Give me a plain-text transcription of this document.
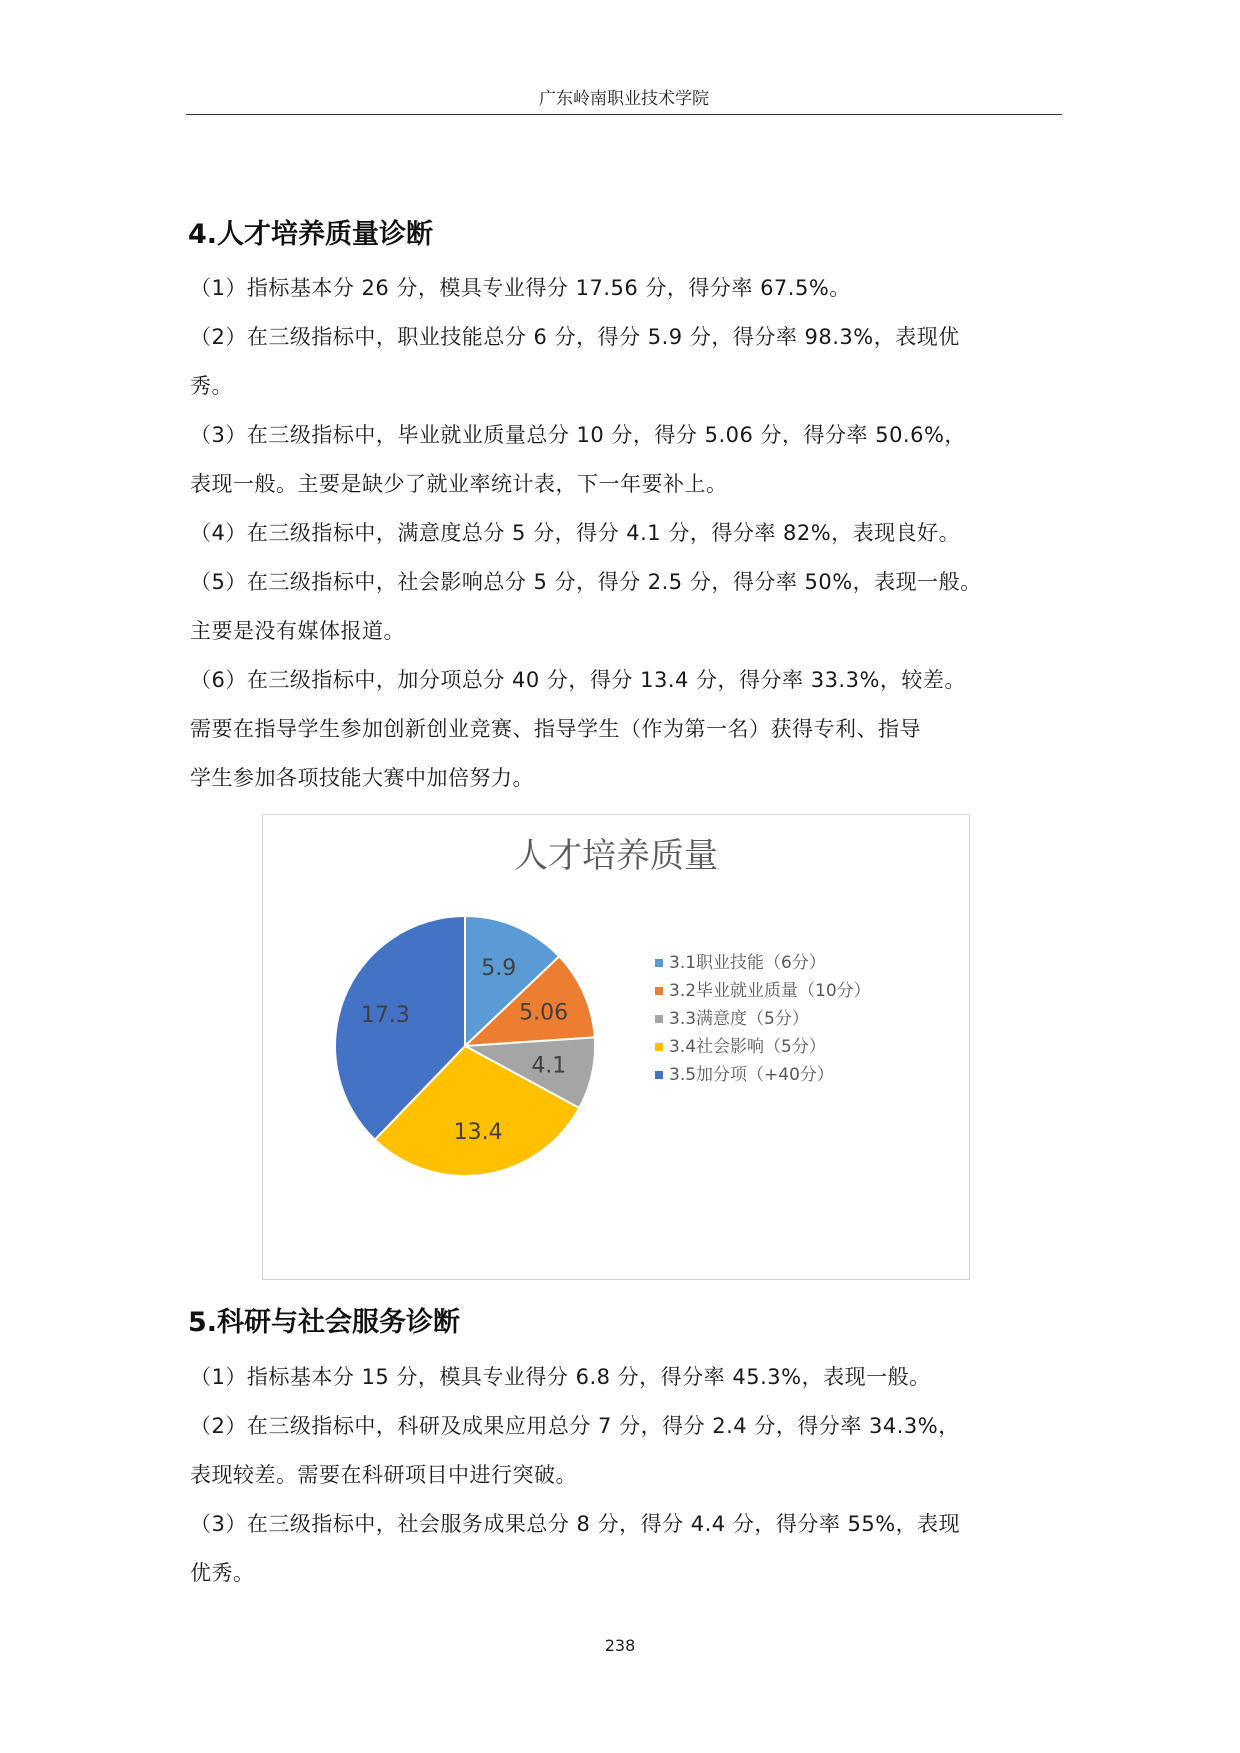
广东岭南职业技术学院
4.人才培养质量诊断
（1）指标基本分 26 分，模具专业得分 17.56 分，得分率 67.5%。
（2）在三级指标中，职业技能总分 6 分，得分 5.9 分，得分率 98.3%，表现优
秀。
（3）在三级指标中，毕业就业质量总分 10 分，得分 5.06 分，得分率 50.6%，
表现一般。主要是缺少了就业率统计表，下一年要补上。
（4）在三级指标中，满意度总分 5 分，得分 4.1 分，得分率 82%，表现良好。
（5）在三级指标中，社会影响总分 5 分，得分 2.5 分，得分率 50%，表现一般。
主要是没有媒体报道。
（6）在三级指标中，加分项总分 40 分，得分 13.4 分，得分率 33.3%，较差。
需要在指导学生参加创新创业竞赛、指导学生（作为第一名）获得专利、指导
学生参加各项技能大赛中加倍努力。
人才培养质量
5.9
5.06
4.1
13.4
17.3
3.1职业技能（6分）
3.2毕业就业质量（10分）
3.3满意度（5分）
3.4社会影响（5分）
3.5加分项（+40分）
5.科研与社会服务诊断
（1）指标基本分 15 分，模具专业得分 6.8 分，得分率 45.3%，表现一般。
（2）在三级指标中，科研及成果应用总分 7 分，得分 2.4 分，得分率 34.3%，
表现较差。需要在科研项目中进行突破。
（3）在三级指标中，社会服务成果总分 8 分，得分 4.4 分，得分率 55%，表现
优秀。
238
